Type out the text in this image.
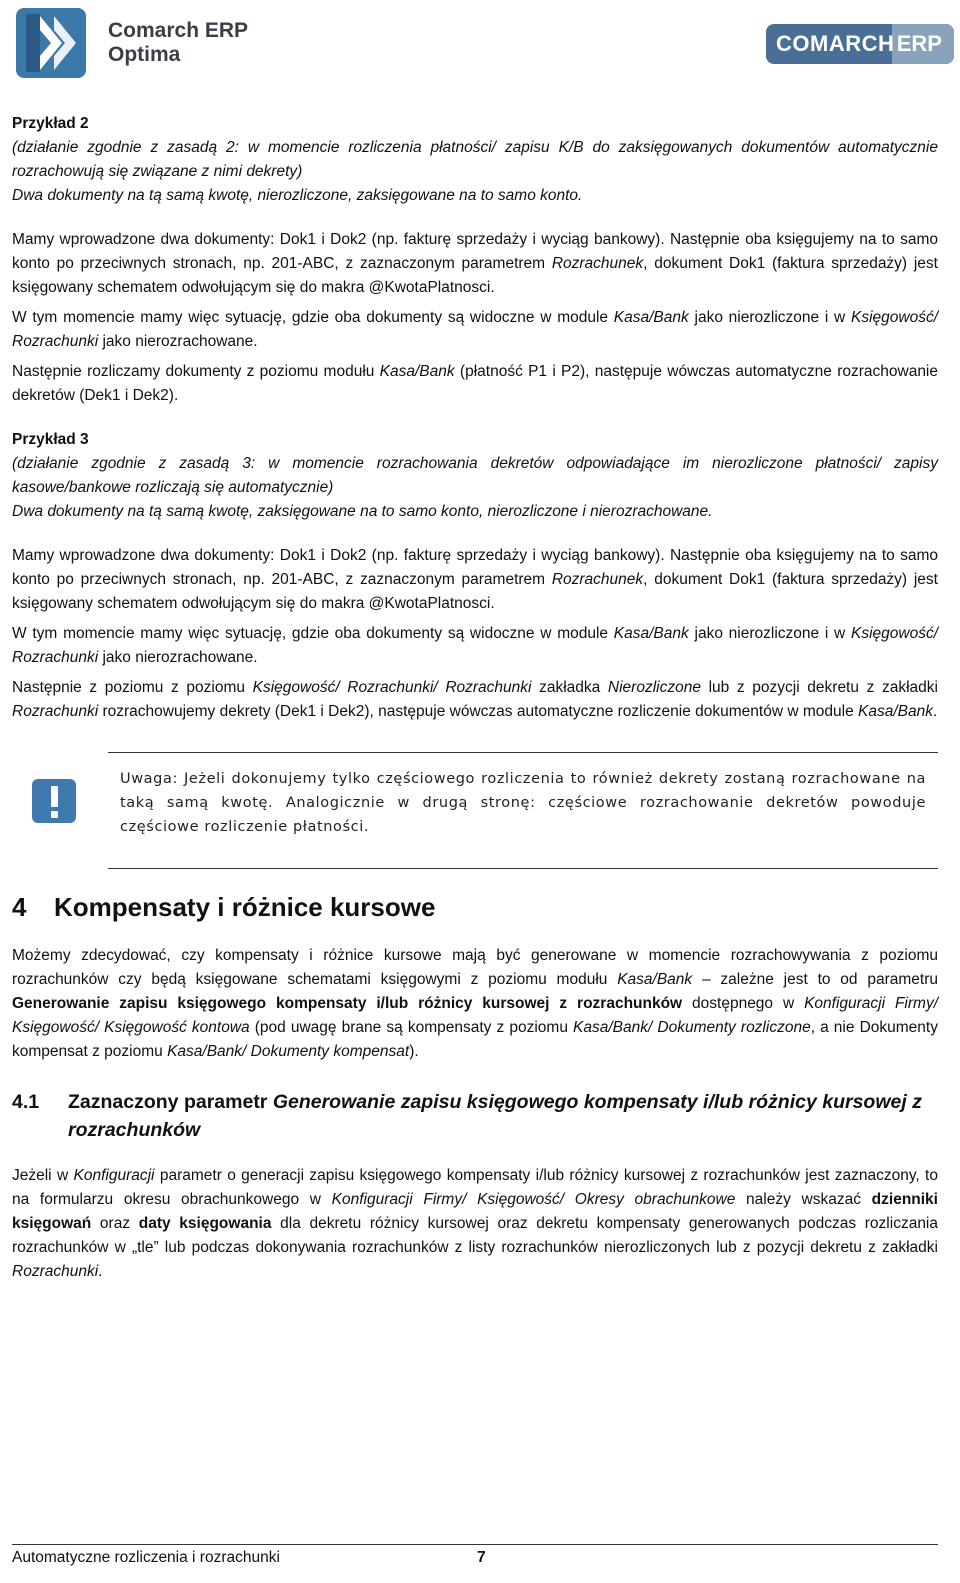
Comarch ERP
Optima	COMARCH ERP

Przykład 2

(działanie zgodnie z zasadą 2: w momencie rozliczenia płatności/ zapisu K/B do zaksięgowanych dokumentów automatycznie rozrachowują się związane z nimi dekrety)

Dwa dokumenty na tą samą kwotę, nierozliczone, zaksięgowane na to samo konto.

Mamy wprowadzone dwa dokumenty: Dok1 i Dok2 (np. fakturę sprzedaży i wyciąg bankowy). Następnie oba księgujemy na to samo konto po przeciwnych stronach, np. 201-ABC, z zaznaczonym parametrem Rozrachunek, dokument Dok1 (faktura sprzedaży) jest księgowany schematem odwołującym się do makra @KwotaPlatnosci.

W tym momencie mamy więc sytuację, gdzie oba dokumenty są widoczne w module Kasa/Bank jako nierozliczone i w Księgowość/ Rozrachunki jako nierozrachowane.

Następnie rozliczamy dokumenty z poziomu modułu Kasa/Bank (płatność P1 i P2), następuje wówczas automatyczne rozrachowanie dekretów (Dek1 i Dek2).

Przykład 3

(działanie zgodnie z zasadą 3: w momencie rozrachowania dekretów odpowiadające im nierozliczone płatności/ zapisy kasowe/bankowe rozliczają się automatycznie)

Dwa dokumenty na tą samą kwotę, zaksięgowane na to samo konto, nierozliczone i nierozrachowane.

Mamy wprowadzone dwa dokumenty: Dok1 i Dok2 (np. fakturę sprzedaży i wyciąg bankowy). Następnie oba księgujemy na to samo konto po przeciwnych stronach, np. 201-ABC, z zaznaczonym parametrem Rozrachunek, dokument Dok1 (faktura sprzedaży) jest księgowany schematem odwołującym się do makra @KwotaPlatnosci.

W tym momencie mamy więc sytuację, gdzie oba dokumenty są widoczne w module Kasa/Bank jako nierozliczone i w Księgowość/ Rozrachunki jako nierozrachowane.

Następnie z poziomu z poziomu Księgowość/ Rozrachunki/ Rozrachunki zakładka Nierozliczone lub z pozycji dekretu z zakładki Rozrachunki rozrachowujemy dekrety (Dek1 i Dek2), następuje wówczas automatyczne rozliczenie dokumentów w module Kasa/Bank.

Uwaga: Jeżeli dokonujemy tylko częściowego rozliczenia to również dekrety zostaną rozrachowane na taką samą kwotę. Analogicznie w drugą stronę: częściowe rozrachowanie dekretów powoduje częściowe rozliczenie płatności.
4 Kompensaty i różnice kursowe

Możemy zdecydować, czy kompensaty i różnice kursowe mają być generowane w momencie rozrachowywania z poziomu rozrachunków czy będą księgowane schematami księgowymi z poziomu modułu Kasa/Bank – zależne jest to od parametru Generowanie zapisu księgowego kompensaty i/lub różnicy kursowej z rozrachunków dostępnego w Konfiguracji Firmy/ Księgowość/ Księgowość kontowa (pod uwagę brane są kompensaty z poziomu Kasa/Bank/ Dokumenty rozliczone, a nie Dokumenty kompensat z poziomu Kasa/Bank/ Dokumenty kompensat).

4.1	Zaznaczony parametr Generowanie zapisu księgowego kompensaty i/lub różnicy kursowej z rozrachunków

Jeżeli w Konfiguracji parametr o generacji zapisu księgowego kompensaty i/lub różnicy kursowej z rozrachunków jest zaznaczony, to na formularzu okresu obrachunkowego w Konfiguracji Firmy/ Księgowość/ Okresy obrachunkowe należy wskazać dzienniki księgowań oraz daty księgowania dla dekretu różnicy kursowej oraz dekretu kompensaty generowanych podczas rozliczania rozrachunków w „tle” lub podczas dokonywania rozrachunków z listy rozrachunków nierozliczonych lub z pozycji dekretu z zakładki Rozrachunki.

Automatyczne rozliczenia i rozrachunki	7
